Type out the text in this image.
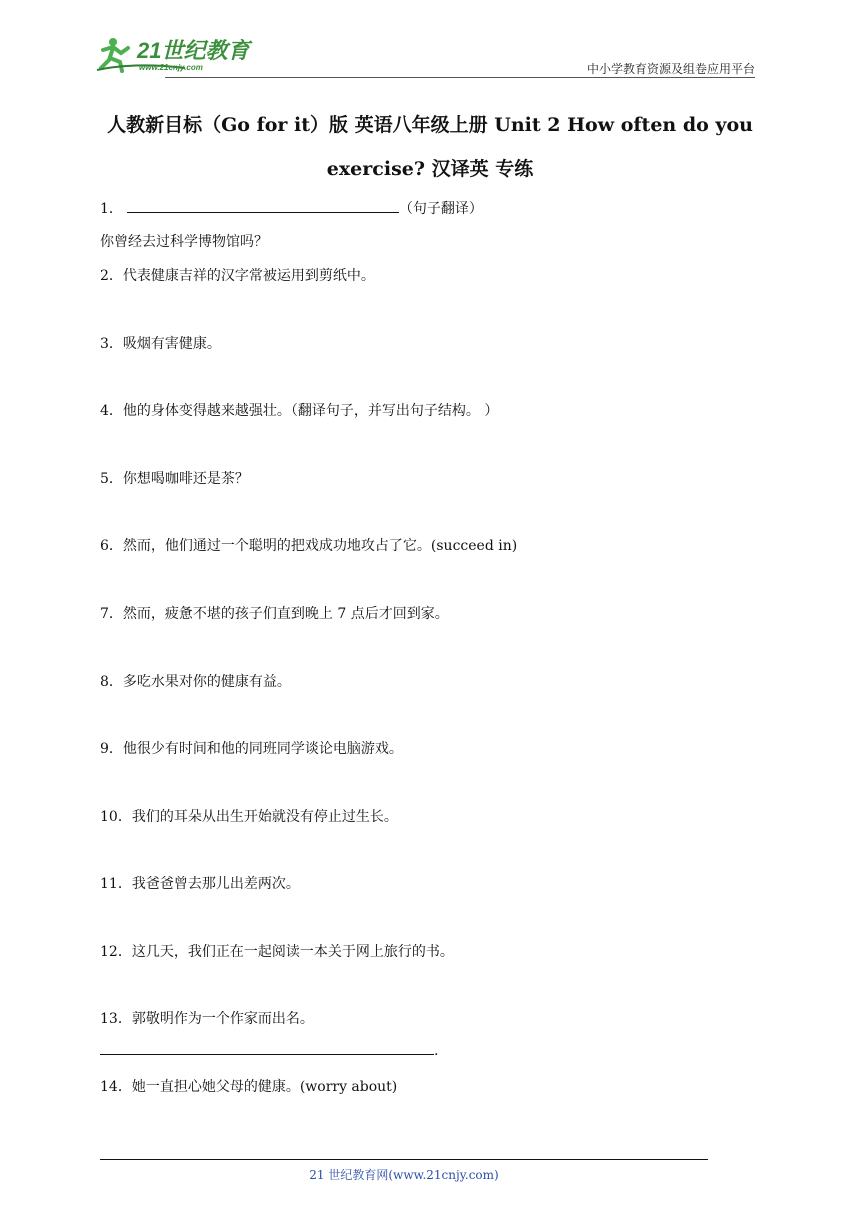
21世纪教育
www.21cnjy.com	中小学教育资源及组卷应用平台
人教新目标（Go for it）版 英语八年级上册 Unit 2 How often do you
exercise? 汉译英 专练
1．	（句子翻译）
你曾经去过科学博物馆吗？
2．代表健康吉祥的汉字常被运用到剪纸中。
3．吸烟有害健康。
4．他的身体变得越来越强壮。（翻译句子，并写出句子结构。 ）
5．你想喝咖啡还是茶？
6．然而，他们通过一个聪明的把戏成功地攻占了它。(succeed in)
7．然而，疲惫不堪的孩子们直到晚上 7 点后才回到家。
8．多吃水果对你的健康有益。
9．他很少有时间和他的同班同学谈论电脑游戏。
10．我们的耳朵从出生开始就没有停止过生长。
11．我爸爸曾去那儿出差两次。
12．这几天，我们正在一起阅读一本关于网上旅行的书。
13．郭敬明作为一个作家而出名。
.
14．她一直担心她父母的健康。(worry about)
21 世纪教育网(www.21cnjy.com)
